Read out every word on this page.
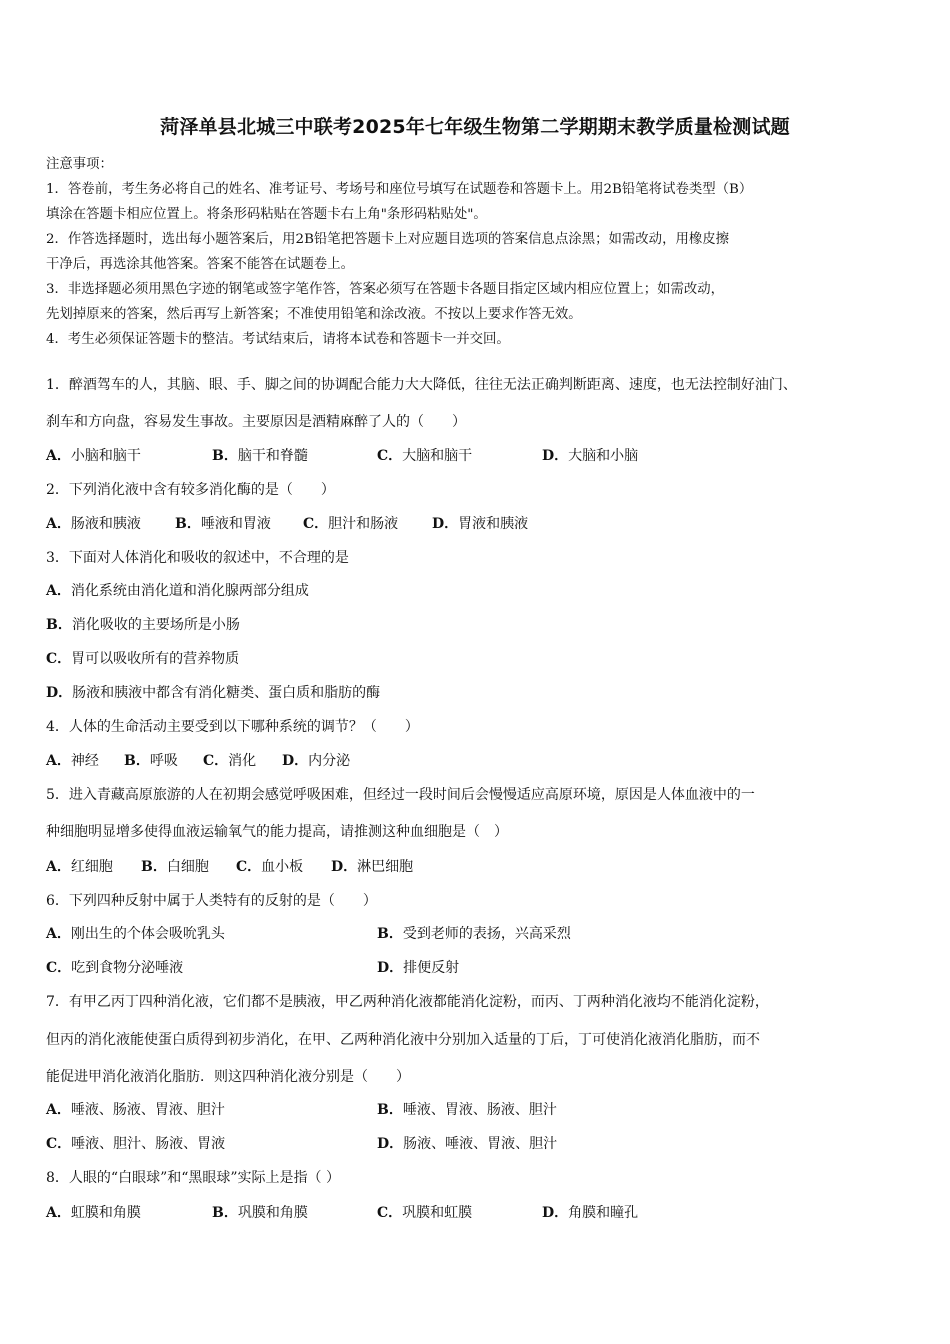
菏泽单县北城三中联考2025年七年级生物第二学期期末教学质量检测试题

注意事项：

1．答卷前，考生务必将自己的姓名、准考证号、考场号和座位号填写在试题卷和答题卡上。用2B铅笔将试卷类型（B）

填涂在答题卡相应位置上。将条形码粘贴在答题卡右上角"条形码粘贴处"。

2．作答选择题时，选出每小题答案后，用2B铅笔把答题卡上对应题目选项的答案信息点涂黑；如需改动，用橡皮擦

干净后，再选涂其他答案。答案不能答在试题卷上。

3．非选择题必须用黑色字迹的钢笔或签字笔作答，答案必须写在答题卡各题目指定区域内相应位置上；如需改动，

先划掉原来的答案，然后再写上新答案；不准使用铅笔和涂改液。不按以上要求作答无效。

4．考生必须保证答题卡的整洁。考试结束后，请将本试卷和答题卡一并交回。

1．醉酒驾车的人，其脑、眼、手、脚之间的协调配合能力大大降低，往往无法正确判断距离、速度，也无法控制好油门、
刹车和方向盘，容易发生事故。主要原因是酒精麻醉了人的（　　）
A．小脑和脑干	B．脑干和脊髓	C．大脑和脑干	D．大脑和小脑
2．下列消化液中含有较多消化酶的是（　　）
A．肠液和胰液 B．唾液和胃液 C．胆汁和肠液 D．胃液和胰液
3．下面对人体消化和吸收的叙述中，不合理的是
A．消化系统由消化道和消化腺两部分组成
B．消化吸收的主要场所是小肠
C．胃可以吸收所有的营养物质
D．肠液和胰液中都含有消化糖类、蛋白质和脂肪的酶
4．人体的生命活动主要受到以下哪种系统的调节？（　　）
A．神经 B．呼吸 C．消化 D．内分泌
5．进入青藏高原旅游的人在初期会感觉呼吸困难，但经过一段时间后会慢慢适应高原环境，原因是人体血液中的一
种细胞明显增多使得血液运输氧气的能力提高，请推测这种血细胞是（　）
A．红细胞 B．白细胞 C．血小板 D．淋巴细胞
6．下列四种反射中属于人类特有的反射的是（　　）
A．刚出生的个体会吸吮乳头	B．受到老师的表扬，兴高采烈
C．吃到食物分泌唾液	D．排便反射
7．有甲乙丙丁四种消化液，它们都不是胰液，甲乙两种消化液都能消化淀粉，而丙、丁两种消化液均不能消化淀粉，
但丙的消化液能使蛋白质得到初步消化，在甲、乙两种消化液中分别加入适量的丁后，丁可使消化液消化脂肪，而不
能促进甲消化液消化脂肪．则这四种消化液分别是（　　）
A．唾液、肠液、胃液、胆汁	B．唾液、胃液、肠液、胆汁
C．唾液、胆汁、肠液、胃液	D．肠液、唾液、胃液、胆汁
8．人眼的“白眼球”和“黑眼球”实际上是指（ ）
A．虹膜和角膜	B．巩膜和角膜	C．巩膜和虹膜	D．角膜和瞳孔
